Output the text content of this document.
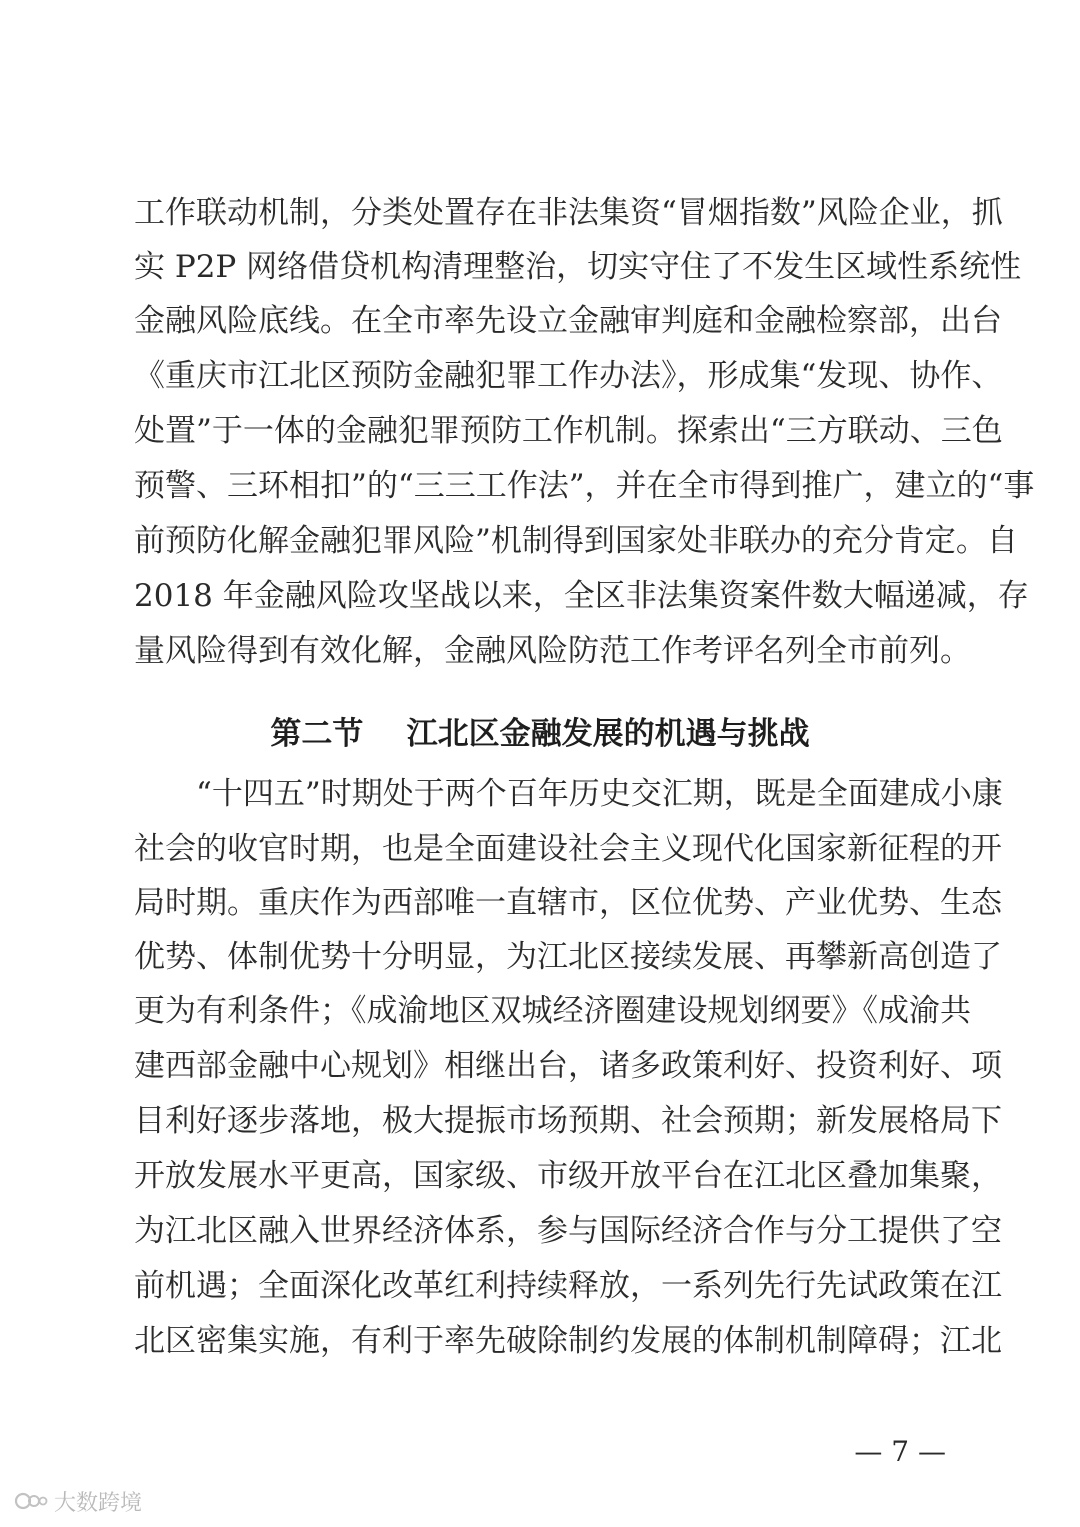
工作联动机制，分类处置存在非法集资“冒烟指数”风险企业，抓
实 P2P 网络借贷机构清理整治，切实守住了不发生区域性系统性
金融风险底线。在全市率先设立金融审判庭和金融检察部，出台
《重庆市江北区预防金融犯罪工作办法》，形成集“发现、协作、
处置”于一体的金融犯罪预防工作机制。探索出“三方联动、三色
预警、三环相扣”的“三三工作法”，并在全市得到推广，建立的“事
前预防化解金融犯罪风险”机制得到国家处非联办的充分肯定。自
2018 年金融风险攻坚战以来，全区非法集资案件数大幅递减，存
量风险得到有效化解，金融风险防范工作考评名列全市前列。
第二节    江北区金融发展的机遇与挑战
“十四五”时期处于两个百年历史交汇期，既是全面建成小康
社会的收官时期，也是全面建设社会主义现代化国家新征程的开
局时期。重庆作为西部唯一直辖市，区位优势、产业优势、生态
优势、体制优势十分明显，为江北区接续发展、再攀新高创造了
更为有利条件；《成渝地区双城经济圈建设规划纲要》《成渝共
建西部金融中心规划》相继出台，诸多政策利好、投资利好、项
目利好逐步落地，极大提振市场预期、社会预期；新发展格局下
开放发展水平更高，国家级、市级开放平台在江北区叠加集聚，
为江北区融入世界经济体系，参与国际经济合作与分工提供了空
前机遇；全面深化改革红利持续释放，一系列先行先试政策在江
北区密集实施，有利于率先破除制约发展的体制机制障碍；江北
— 7 —
大数跨境
